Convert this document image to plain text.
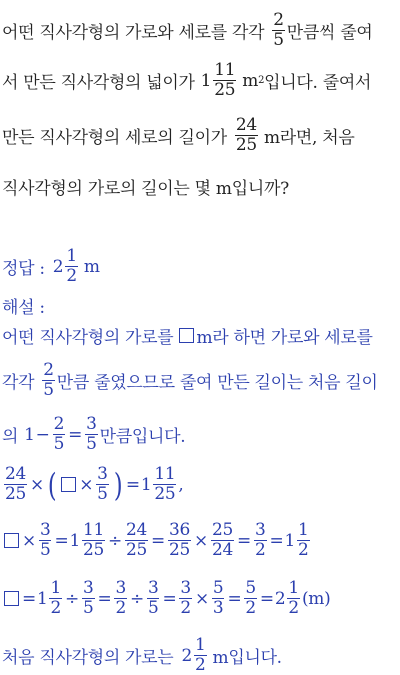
어떤 직사각형의 가로와 세로를 각각 $\frac{2}{5}$ 만큼씩 줄여
서 만든 직사각형의 넓이가 $1 \frac{11}{25}$ m 2 입니다. 줄여서
만든 직사각형의 세로의 길이가 $\frac{24}{25}$ m라면, 처음
직사각형의 가로의 길이는 몇 m입니까?
정답 : $2 \frac{1}{2}$ m
해설 :
어떤 직사각형의 가로를 m라 하면 가로와 세로를
각각 $\frac{2}{5}$ 만큼 줄였으므로 줄여 만든 길이는 처음 길이
의 $1 - \frac{2}{5} = \frac{3}{5}$ 만큼입니다.
$\frac{24}{25}$ × ( × $\frac{3}{5}$ ) = $1 \frac{11}{25}$ ,
× $\frac{3}{5} = 1 \frac{11}{25} \div \frac{24}{25} = \frac{36}{25} \times \frac{25}{24} = \frac{3}{2} = 1 \frac{1}{2}$
= $1 \frac{1}{2} \div \frac{3}{5} = \frac{3}{2} \div \frac{3}{5} = \frac{3}{2} \times \frac{5}{3} = \frac{5}{2} = 2 \frac{1}{2} (m)$
처음 직사각형의 가로는 $2 \frac{1}{2}$ m입니다.
